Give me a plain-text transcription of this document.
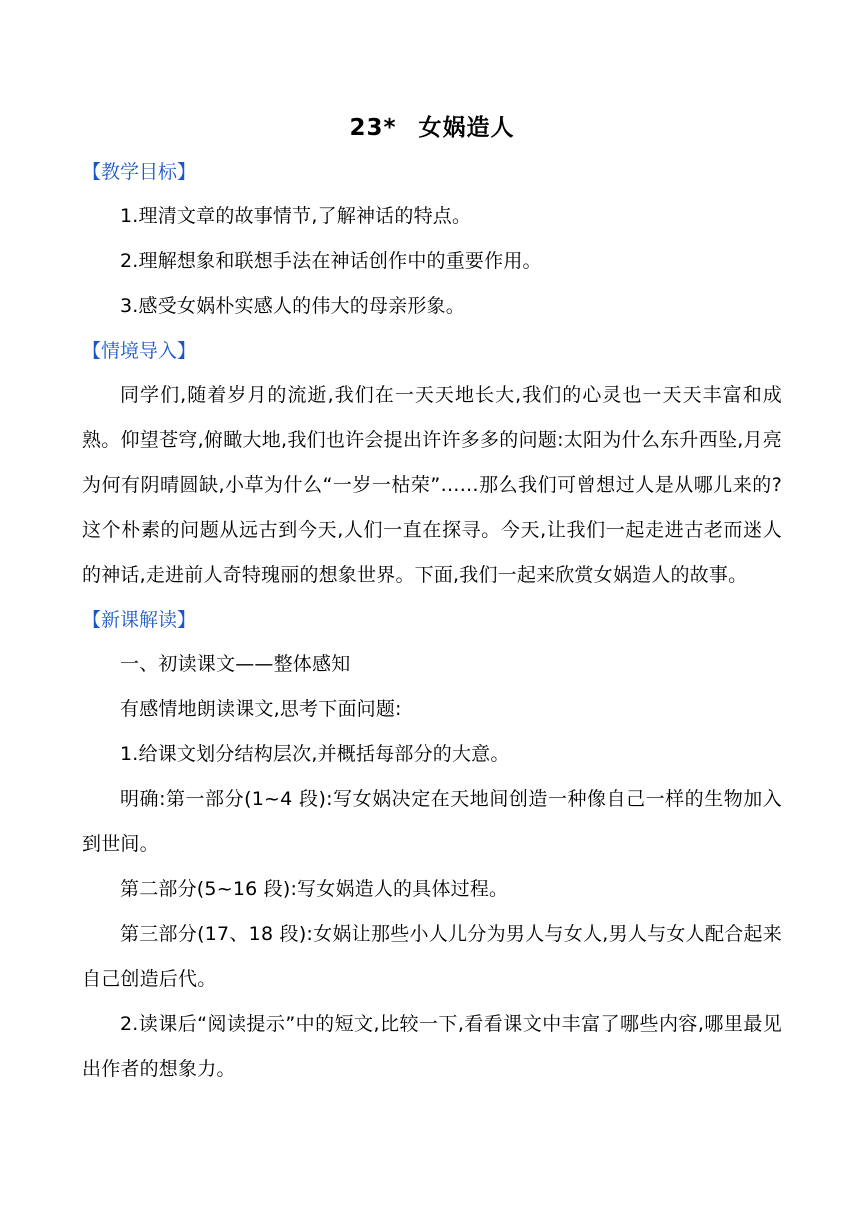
23* 女娲造人
【教学目标】

1.理清文章的故事情节,了解神话的特点。

2.理解想象和联想手法在神话创作中的重要作用。

3.感受女娲朴实感人的伟大的母亲形象。

【情境导入】

同学们,随着岁月的流逝,我们在一天天地长大,我们的心灵也一天天丰富和成熟。仰望苍穹,俯瞰大地,我们也许会提出许许多多的问题:太阳为什么东升西坠,月亮为何有阴晴圆缺,小草为什么“一岁一枯荣”……那么我们可曾想过人是从哪儿来的?这个朴素的问题从远古到今天,人们一直在探寻。今天,让我们一起走进古老而迷人的神话,走进前人奇特瑰丽的想象世界。下面,我们一起来欣赏女娲造人的故事。

【新课解读】

一、初读课文——整体感知

有感情地朗读课文,思考下面问题:

1.给课文划分结构层次,并概括每部分的大意。

明确:第一部分(1~4 段):写女娲决定在天地间创造一种像自己一样的生物加入到世间。

第二部分(5~16 段):写女娲造人的具体过程。

第三部分(17、18 段):女娲让那些小人儿分为男人与女人,男人与女人配合起来自己创造后代。

2.读课后“阅读提示”中的短文,比较一下,看看课文中丰富了哪些内容,哪里最见出作者的想象力。
